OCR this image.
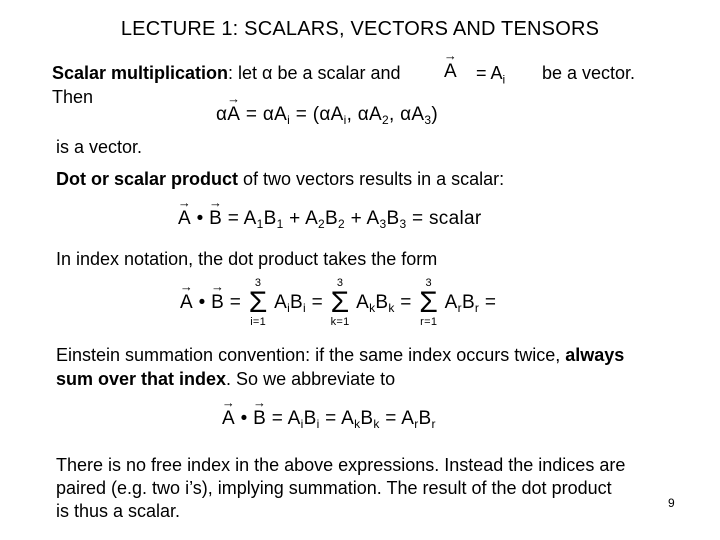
LECTURE 1: SCALARS, VECTORS AND TENSORS
Scalar multiplication: let α be a scalar and → $A = A_i$ be a vector.
Then
$\alpha\to A = \alpha A_i = (\alpha A_i$, $\alpha A_2$, $\alpha A_3$)
is a vector.
Dot or scalar product of two vectors results in a scalar:
→ A • → $B = A_1B_1 + A_2B_2 + A_3B_3$ = scalar
In index notation, the dot product takes the form
→ A • → B =
3
Σ
i=1
$A_iB_i$ =
3
Σ
k=1
$A_kB_k$ =
3
Σ
r=1
$A_rB_r$ =
Einstein summation convention: if the same index occurs twice, always
sum over that index. So we abbreviate to
→ A • → $B = A_iB_i = A_kB_k = A_rB_r$
There is no free index in the above expressions. Instead the indices are
paired (e.g. two i’s), implying summation. The result of the dot product
is thus a scalar.	9
